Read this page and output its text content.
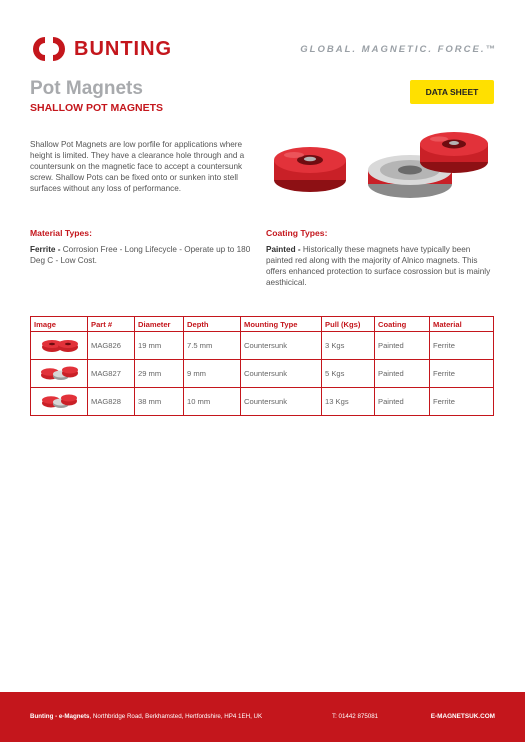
BUNTING	GLOBAL. MAGNETIC. FORCE.™
Pot Magnets
SHALLOW POT MAGNETS
DATA SHEET
Shallow Pot Magnets are low porfile for applications where height is limited. They have a clearance hole through and a countersunk on the magnetic face to accept a countersunk screw. Shallow Pots can be fixed onto or sunken into stell surfaces without any loss of performance.
Material Types:
Ferrite - Corrosion Free - Long Lifecycle - Operate up to 180 Deg C - Low Cost.
Coating Types:
Painted - Historically these magnets have typically been painted red along with the majority of Alnico magnets. This offers enhanced protection to surface cosrossion but is mainly aesthicical.
Image	Part #	Diameter	Depth	Mounting Type	Pull (Kgs)	Coating	Material
	MAG826	19 mm	7.5 mm	Countersunk	3 Kgs	Painted	Ferrite
	MAG827	29 mm	9 mm	Countersunk	5 Kgs	Painted	Ferrite
	MAG828	38 mm	10 mm	Countersunk	13 Kgs	Painted	Ferrite
Bunting - e-Magnets, Northbridge Road, Berkhamsted, Hertfordshire, HP4 1EH, UK	T: 01442 875081	E-MAGNETSUK.COM
